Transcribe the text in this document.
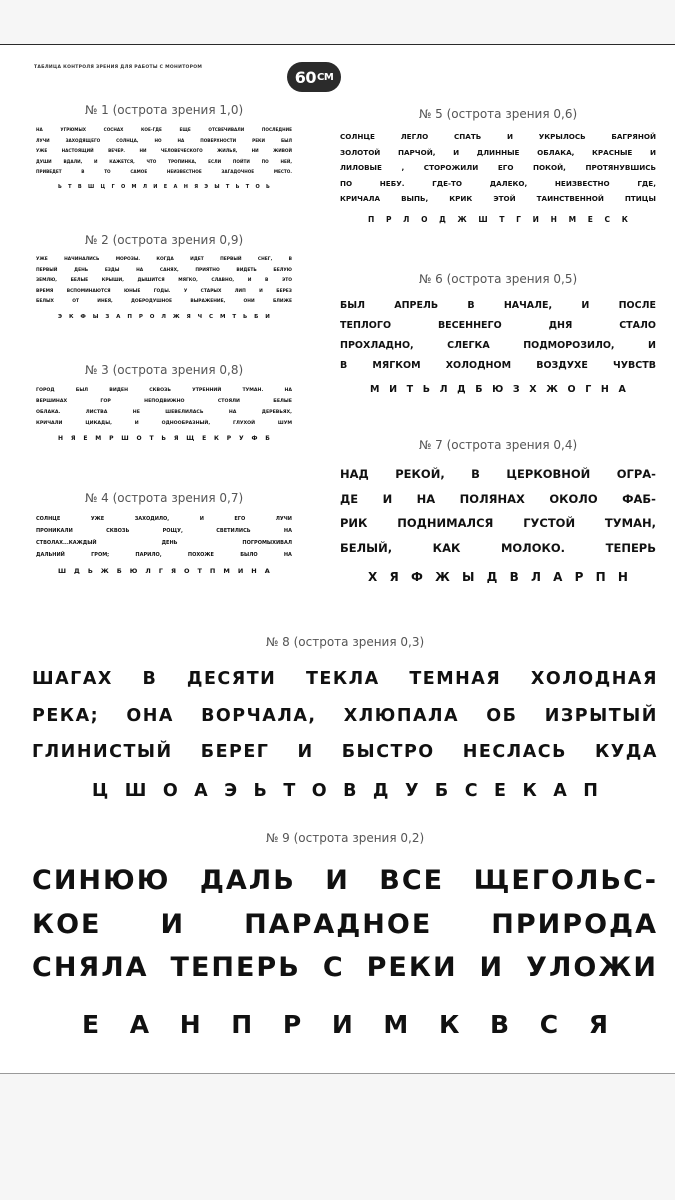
ТАБЛИЦА КОНТРОЛЯ ЗРЕНИЯ ДЛЯ РАБОТЫ С МОНИТОРОМ	60 СМ

№ 1 (острота зрения 1,0)

НА	УГРЮМЫХ	СОСНАХ	КОЕ-ГДЕ	ЕЩЕ	ОТСВЕЧИВАЛИ	ПОСЛЕДНИЕ
ЛУЧИ	ЗАХОДЯЩЕГО	СОЛНЦА,	НО	НА	ПОВЕРХНОСТИ	РЕКИ	БЫЛ
УЖЕ	НАСТОЯЩИЙ	ВЕЧЕР.	НИ	ЧЕЛОВЕЧЕСКОГО	ЖИЛЬЯ,	НИ	ЖИВОЙ
ДУШИ	ВДАЛИ,	И	КАЖЕТСЯ,	ЧТО	ТРОПИНКА,	ЕСЛИ	ПОЙТИ	ПО	НЕЙ,
ПРИВЕДЕТ	В	ТО	САМОЕ	НЕИЗВЕСТНОЕ	ЗАГАДОЧНОЕ	МЕСТО.
Ь Т В Ш Ц Г О М Л И Е А Н Я Э Ы Т Ь Т О Ь

№ 2 (острота зрения 0,9)

УЖЕ	НАЧИНАЛИСЬ	МОРОЗЫ.	КОГДА	ИДЕТ	ПЕРВЫЙ	СНЕГ,	В
ПЕРВЫЙ	ДЕНЬ	ЕЗДЫ	НА	САНЯХ,	ПРИЯТНО	ВИДЕТЬ	БЕЛУЮ
ЗЕМЛЮ,	БЕЛЫЕ	КРЫШИ,	ДЫШИТСЯ	МЯГКО,	СЛАВНО,	И	В	ЭТО
ВРЕМЯ	ВСПОМИНАЮТСЯ	ЮНЫЕ	ГОДЫ.	У	СТАРЫХ	ЛИП	И	БЕРЕЗ
БЕЛЫХ	ОТ	ИНЕЯ,	ДОБРОДУШНОЕ	ВЫРАЖЕНИЕ,	ОНИ	БЛИЖЕ
Э К Ф Ы З А П Р О Л Ж Я Ч С М Т Ь Б И

№ 3 (острота зрения 0,8)

ГОРОД	БЫЛ	ВИДЕН	СКВОЗЬ	УТРЕННИЙ	ТУМАН.	НА
ВЕРШИНАХ	ГОР	НЕПОДВИЖНО	СТОЯЛИ	БЕЛЫЕ
ОБЛАКА.	ЛИСТВА	НЕ	ШЕВЕЛИЛАСЬ	НА	ДЕРЕВЬЯХ,
КРИЧАЛИ	ЦИКАДЫ,	И	ОДНООБРАЗНЫЙ,	ГЛУХОЙ	ШУМ
Н Я Е М Р Ш О Т Ь Я Щ Е К Р У Ф Б

№ 4 (острота зрения 0,7)

СОЛНЦЕ	УЖЕ	ЗАХОДИЛО,	И	ЕГО	ЛУЧИ
ПРОНИКАЛИ	СКВОЗЬ	РОЩУ,	СВЕТИЛИСЬ	НА
СТВОЛАХ...КАЖДЫЙ	ДЕНЬ	ПОГРОМЫХИВАЛ
ДАЛЬНИЙ	ГРОМ;	ПАРИЛО,	ПОХОЖЕ	БЫЛО	НА
Ш Д Ь Ж Б Ю Л Г Я О Т П М И Н А

№ 5 (острота зрения 0,6)

СОЛНЦЕ	ЛЕГЛО	СПАТЬ	И	УКРЫЛОСЬ	БАГРЯНОЙ
ЗОЛОТОЙ ПАРЧОЙ, И ДЛИННЫЕ ОБЛАКА, КРАСНЫЕ И
ЛИЛОВЫЕ	,	СТОРОЖИЛИ	ЕГО	ПОКОЙ,	ПРОТЯНУВШИСЬ
ПО	НЕБУ.	ГДЕ-ТО	ДАЛЕКО,	НЕИЗВЕСТНО	ГДЕ,
КРИЧАЛА	ВЫПЬ,	КРИК	ЭТОЙ	ТАИНСТВЕННОЙ	ПТИЦЫ
П Р Л О Д Ж Ш Т Г И Н М Е С К

№ 6 (острота зрения 0,5)

БЫЛ	АПРЕЛЬ	В	НАЧАЛЕ,	И	ПОСЛЕ
ТЕПЛОГО	ВЕСЕННЕГО	ДНЯ	СТАЛО
ПРОХЛАДНО,	СЛЕГКА	ПОДМОРОЗИЛО,	И
В	МЯГКОМ	ХОЛОДНОМ	ВОЗДУХЕ	ЧУВСТВ
М И Т Ь Л Д Б Ю З Х Ж О Г Н А

№ 7 (острота зрения 0,4)

НАД РЕКОЙ, В ЦЕРКОВНОЙ ОГРА-
ДЕ И НА ПОЛЯНАХ ОКОЛО ФАБ-
РИК	ПОДНИМАЛСЯ	ГУСТОЙ	ТУМАН,
БЕЛЫЙ,	КАК	МОЛОКО.	ТЕПЕРЬ
Х Я Ф Ж Ы Д В Л А Р П Н

№ 8 (острота зрения 0,3)

ШАГАХ В ДЕСЯТИ ТЕКЛА ТЕМНАЯ ХОЛОДНАЯ
РЕКА; ОНА ВОРЧАЛА, ХЛЮПАЛА ОБ ИЗРЫТЫЙ
ГЛИНИСТЫЙ БЕРЕГ И БЫСТРО НЕСЛАСЬ КУДА
Ц Ш О А Э Ь Т О В Д У Б С Е К А П

№ 9 (острота зрения 0,2)

СИНЮЮ ДАЛЬ И ВСЕ ЩЕГОЛЬС-
КОЕ И ПАРАДНОЕ ПРИРОДА
СНЯЛА ТЕПЕРЬ С РЕКИ И УЛОЖИ
Е А Н П Р И М К В С Я
